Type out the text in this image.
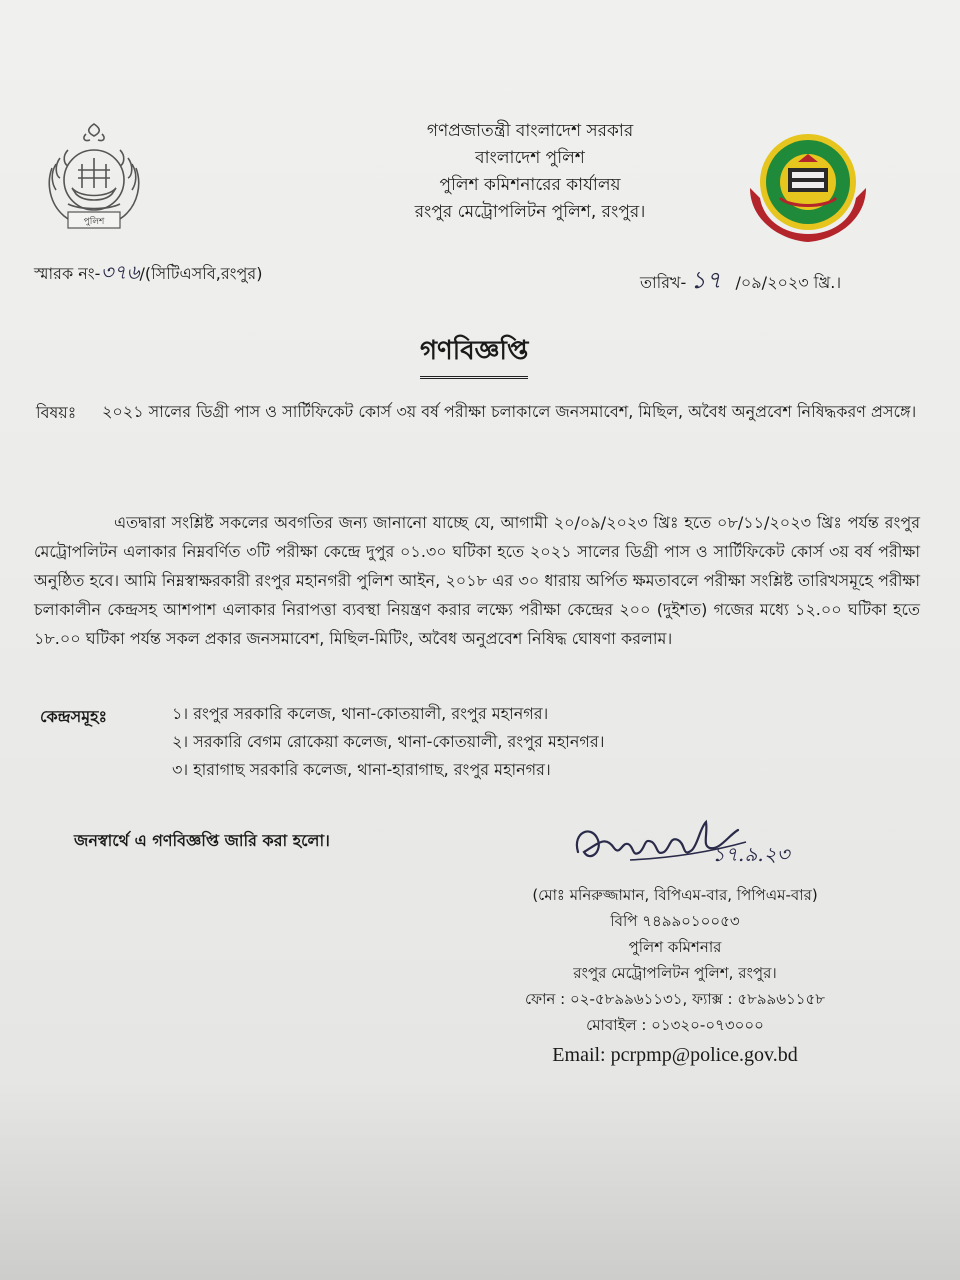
পুলিশ
গণপ্রজাতন্ত্রী বাংলাদেশ সরকার
বাংলাদেশ পুলিশ
পুলিশ কমিশনারের কার্যালয়
রংপুর মেট্রোপলিটন পুলিশ, রংপুর।
স্মারক নং-৩৭৬/(সিটিএসবি,রংপুর)	তারিখ- ১৭ /০৯/২০২৩ খ্রি.।
গণবিজ্ঞপ্তি
বিষয়ঃ ২০২১ সালের ডিগ্রী পাস ও সার্টিফিকেট কোর্স ৩য় বর্ষ পরীক্ষা চলাকালে জনসমাবেশ, মিছিল, অবৈধ অনুপ্রবেশ নিষিদ্ধকরণ প্রসঙ্গে।
এতদ্বারা সংশ্লিষ্ট সকলের অবগতির জন্য জানানো যাচ্ছে যে, আগামী ২০/০৯/২০২৩ খ্রিঃ হতে ০৮/১১/২০২৩ খ্রিঃ পর্যন্ত রংপুর মেট্রোপলিটন এলাকার নিম্নবর্ণিত ৩টি পরীক্ষা কেন্দ্রে দুপুর ০১.৩০ ঘটিকা হতে ২০২১ সালের ডিগ্রী পাস ও সার্টিফিকেট কোর্স ৩য় বর্ষ পরীক্ষা অনুষ্ঠিত হবে। আমি নিম্নস্বাক্ষরকারী রংপুর মহানগরী পুলিশ আইন, ২০১৮ এর ৩০ ধারায় অর্পিত ক্ষমতাবলে পরীক্ষা সংশ্লিষ্ট তারিখসমূহে পরীক্ষা চলাকালীন কেন্দ্রসহ আশপাশ এলাকার নিরাপত্তা ব্যবস্থা নিয়ন্ত্রণ করার লক্ষ্যে পরীক্ষা কেন্দ্রের ২০০ (দুইশত) গজের মধ্যে ১২.০০ ঘটিকা হতে ১৮.০০ ঘটিকা পর্যন্ত সকল প্রকার জনসমাবেশ, মিছিল-মিটিং, অবৈধ অনুপ্রবেশ নিষিদ্ধ ঘোষণা করলাম।
কেন্দ্রসমূহঃ	১। রংপুর সরকারি কলেজ, থানা-কোতয়ালী, রংপুর মহানগর।
২। সরকারি বেগম রোকেয়া কলেজ, থানা-কোতয়ালী, রংপুর মহানগর।
৩। হারাগাছ সরকারি কলেজ, থানা-হারাগাছ, রংপুর মহানগর।
জনস্বার্থে এ গণবিজ্ঞপ্তি জারি করা হলো।
১৭.৯.২৩
(মোঃ মনিরুজ্জামান, বিপিএম-বার, পিপিএম-বার)
বিপি ৭৪৯৯০১০০৫৩
পুলিশ কমিশনার
রংপুর মেট্রোপলিটন পুলিশ, রংপুর।
ফোন : ০২-৫৮৯৯৬১১৩১, ফ্যাক্স : ৫৮৯৯৬১১৫৮
মোবাইল : ০১৩২০-০৭৩০০০
Email: pcrpmp@police.gov.bd
